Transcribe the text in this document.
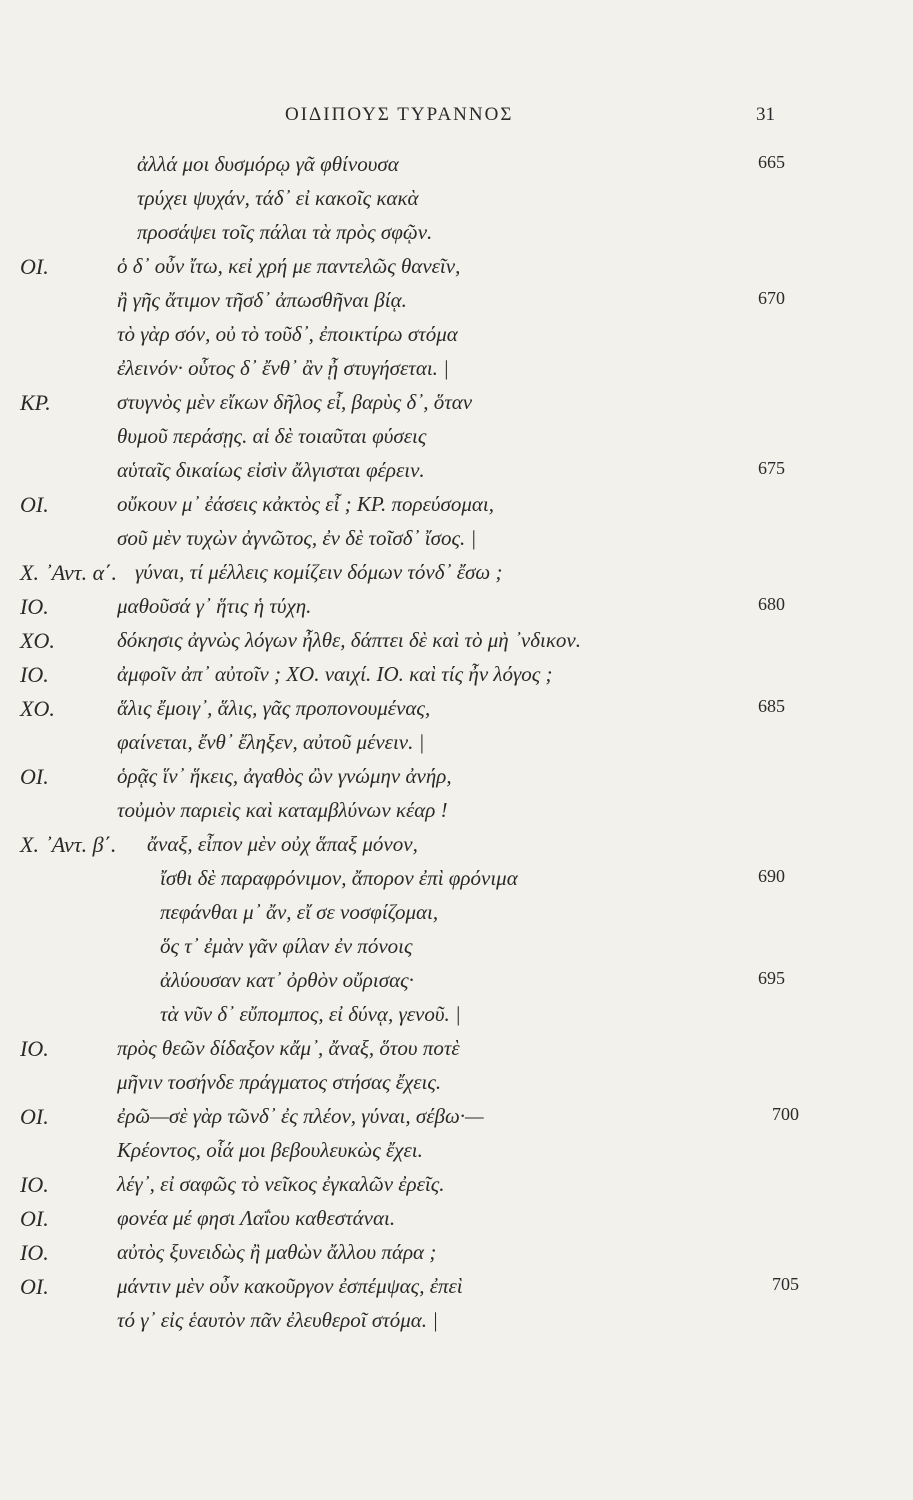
ΟΙΔΙΠΟΥΣ ΤΥΡΑΝΝΟΣ	31
ἀλλά μοι δυσμόρῳ γᾶ φθίνουσα	665
τρύχει ψυχάν, τάδ᾽ εἰ κακοῖς κακὰ
προσάψει τοῖς πάλαι τὰ πρὸς σφῷν.
ΟΙ.	ὁ δ᾽ οὖν ἴτω, κεἰ χρή με παντελῶς θανεῖν,
ἢ γῆς ἄτιμον τῆσδ᾽ ἀπωσθῆναι βίᾳ.	670
τὸ γὰρ σόν, οὐ τὸ τοῦδ᾽, ἐποικτίρω στόμα
ἐλεινόν· οὗτος δ᾽ ἔνθ᾽ ἂν ᾖ στυγήσεται. |
ΚΡ.	στυγνὸς μὲν εἴκων δῆλος εἶ, βαρὺς δ᾽, ὅταν
θυμοῦ περάσῃς. αἱ δὲ τοιαῦται φύσεις
αὑταῖς δικαίως εἰσὶν ἄλγισται φέρειν.	675
ΟΙ.	οὔκουν μ᾽ ἐάσεις κἀκτὸς εἶ ; ΚΡ. πορεύσομαι,
σοῦ μὲν τυχὼν ἀγνῶτος, ἐν δὲ τοῖσδ᾽ ἴσος. |
Χ. ᾽Αντ. α΄. γύναι, τί μέλλεις κομίζειν δόμων τόνδ᾽ ἔσω ;
ΙΟ.	μαθοῦσά γ᾽ ἥτις ἡ τύχη.	680
ΧΟ.	δόκησις ἀγνὼς λόγων ἦλθε, δάπτει δὲ καὶ τὸ μὴ ᾽νδικον.
ΙΟ.	ἀμφοῖν ἀπ᾽ αὐτοῖν ; ΧΟ. ναιχί. ΙΟ. καὶ τίς ἦν λόγος ;
ΧΟ.	ἅλις ἔμοιγ᾽, ἅλις, γᾶς προπονουμένας,	685
φαίνεται, ἔνθ᾽ ἔληξεν, αὐτοῦ μένειν. |
ΟΙ.	ὁρᾷς ἵν᾽ ἥκεις, ἀγαθὸς ὢν γνώμην ἀνήρ,
τοὐμὸν παριεὶς καὶ καταμβλύνων κέαρ !
Χ. ᾽Αντ. β΄. ἄναξ, εἶπον μὲν οὐχ ἅπαξ μόνον,
ἴσθι δὲ παραφρόνιμον, ἄπορον ἐπὶ φρόνιμα	690
πεφάνθαι μ᾽ ἄν, εἴ σε νοσφίζομαι,
ὅς τ᾽ ἐμὰν γᾶν φίλαν ἐν πόνοις
ἀλύουσαν κατ᾽ ὀρθὸν οὔρισας·	695
τὰ νῦν δ᾽ εὔπομπος, εἰ δύνᾳ, γενοῦ. |
ΙΟ.	πρὸς θεῶν δίδαξον κἄμ᾽, ἄναξ, ὅτου ποτὲ
μῆνιν τοσήνδε πράγματος στήσας ἔχεις.
ΟΙ.	ἐρῶ—σὲ γὰρ τῶνδ᾽ ἐς πλέον, γύναι, σέβω·—	700
Κρέοντος, οἷά μοι βεβουλευκὼς ἔχει.
ΙΟ.	λέγ᾽, εἰ σαφῶς τὸ νεῖκος ἐγκαλῶν ἐρεῖς.
ΟΙ.	φονέα μέ φησι Λαΐου καθεστάναι.
ΙΟ.	αὐτὸς ξυνειδὼς ἢ μαθὼν ἄλλου πάρα ;
ΟΙ.	μάντιν μὲν οὖν κακοῦργον ἐσπέμψας, ἐπεὶ	705
τό γ᾽ εἰς ἑαυτὸν πᾶν ἐλευθεροῖ στόμα. |
